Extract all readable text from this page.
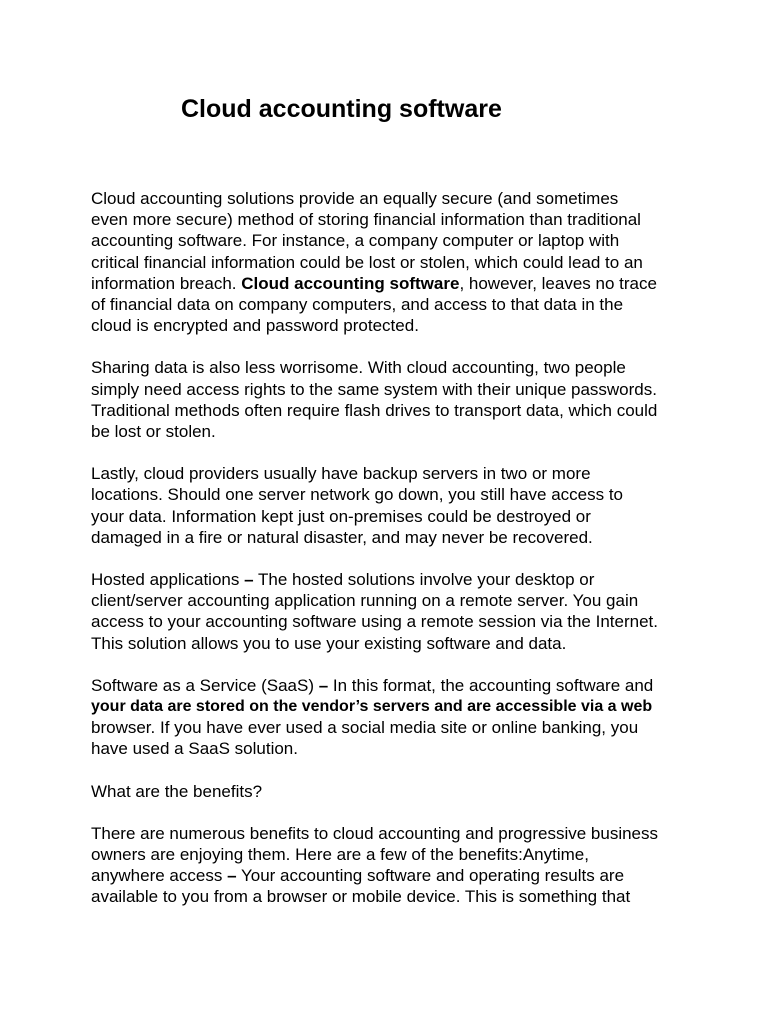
Cloud accounting software

Cloud accounting solutions provide an equally secure (and sometimes
even more secure) method of storing financial information than traditional
accounting software. For instance, a company computer or laptop with
critical financial information could be lost or stolen, which could lead to an
information breach. Cloud accounting software, however, leaves no trace
of financial data on company computers, and access to that data in the
cloud is encrypted and password protected.

Sharing data is also less worrisome. With cloud accounting, two people
simply need access rights to the same system with their unique passwords.
Traditional methods often require flash drives to transport data, which could
be lost or stolen.

Lastly, cloud providers usually have backup servers in two or more
locations. Should one server network go down, you still have access to
your data. Information kept just on-premises could be destroyed or
damaged in a fire or natural disaster, and may never be recovered.

Hosted applications – The hosted solutions involve your desktop or
client/server accounting application running on a remote server. You gain
access to your accounting software using a remote session via the Internet.
This solution allows you to use your existing software and data.

Software as a Service (SaaS) – In this format, the accounting software and
your data are stored on the vendor’s servers and are accessible via a web
browser. If you have ever used a social media site or online banking, you
have used a SaaS solution.

What are the benefits?

There are numerous benefits to cloud accounting and progressive business
owners are enjoying them. Here are a few of the benefits:Anytime,
anywhere access – Your accounting software and operating results are
available to you from a browser or mobile device. This is something that
